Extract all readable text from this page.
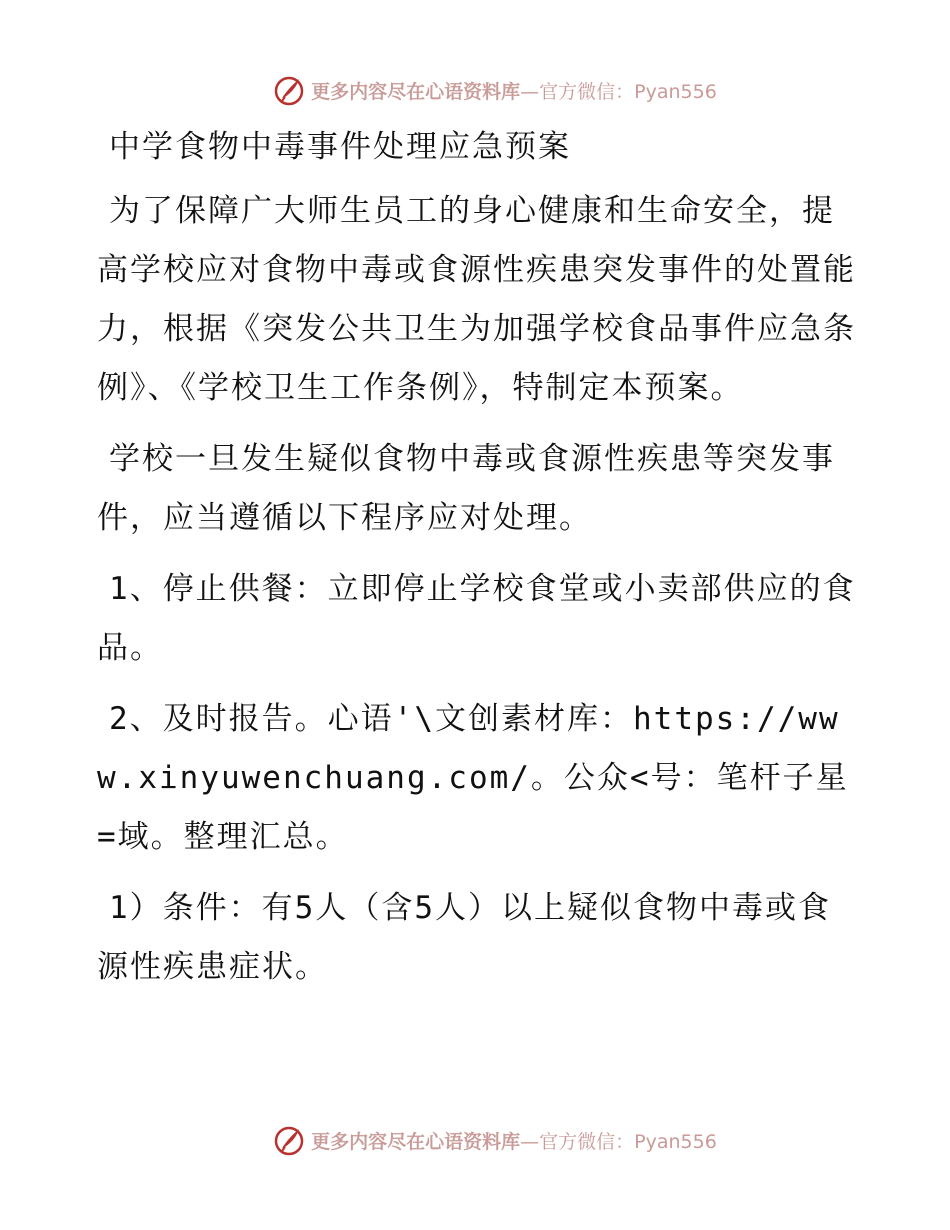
更多内容尽在心语资料库 —官方微信：Pyan556
中学食物中毒事件处理应急预案

为了保障广大师生员工的身心健康和生命安全，提高学校应对食物中毒或食源性疾患突发事件的处置能力，根据《突发公共卫生为加强学校食品事件应急条例》、《学校卫生工作条例》，特制定本预案。

学校一旦发生疑似食物中毒或食源性疾患等突发事件，应当遵循以下程序应对处理。

1、停止供餐：立即停止学校食堂或小卖部供应的食品。

2、及时报告。心语'\文创素材库：https://www.xinyuwenchuang.com/。公众<号：笔杆子星=域。整理汇总。

1）条件：有5人（含5人）以上疑似食物中毒或食源性疾患症状。

更多内容尽在心语资料库 —官方微信：Pyan556
